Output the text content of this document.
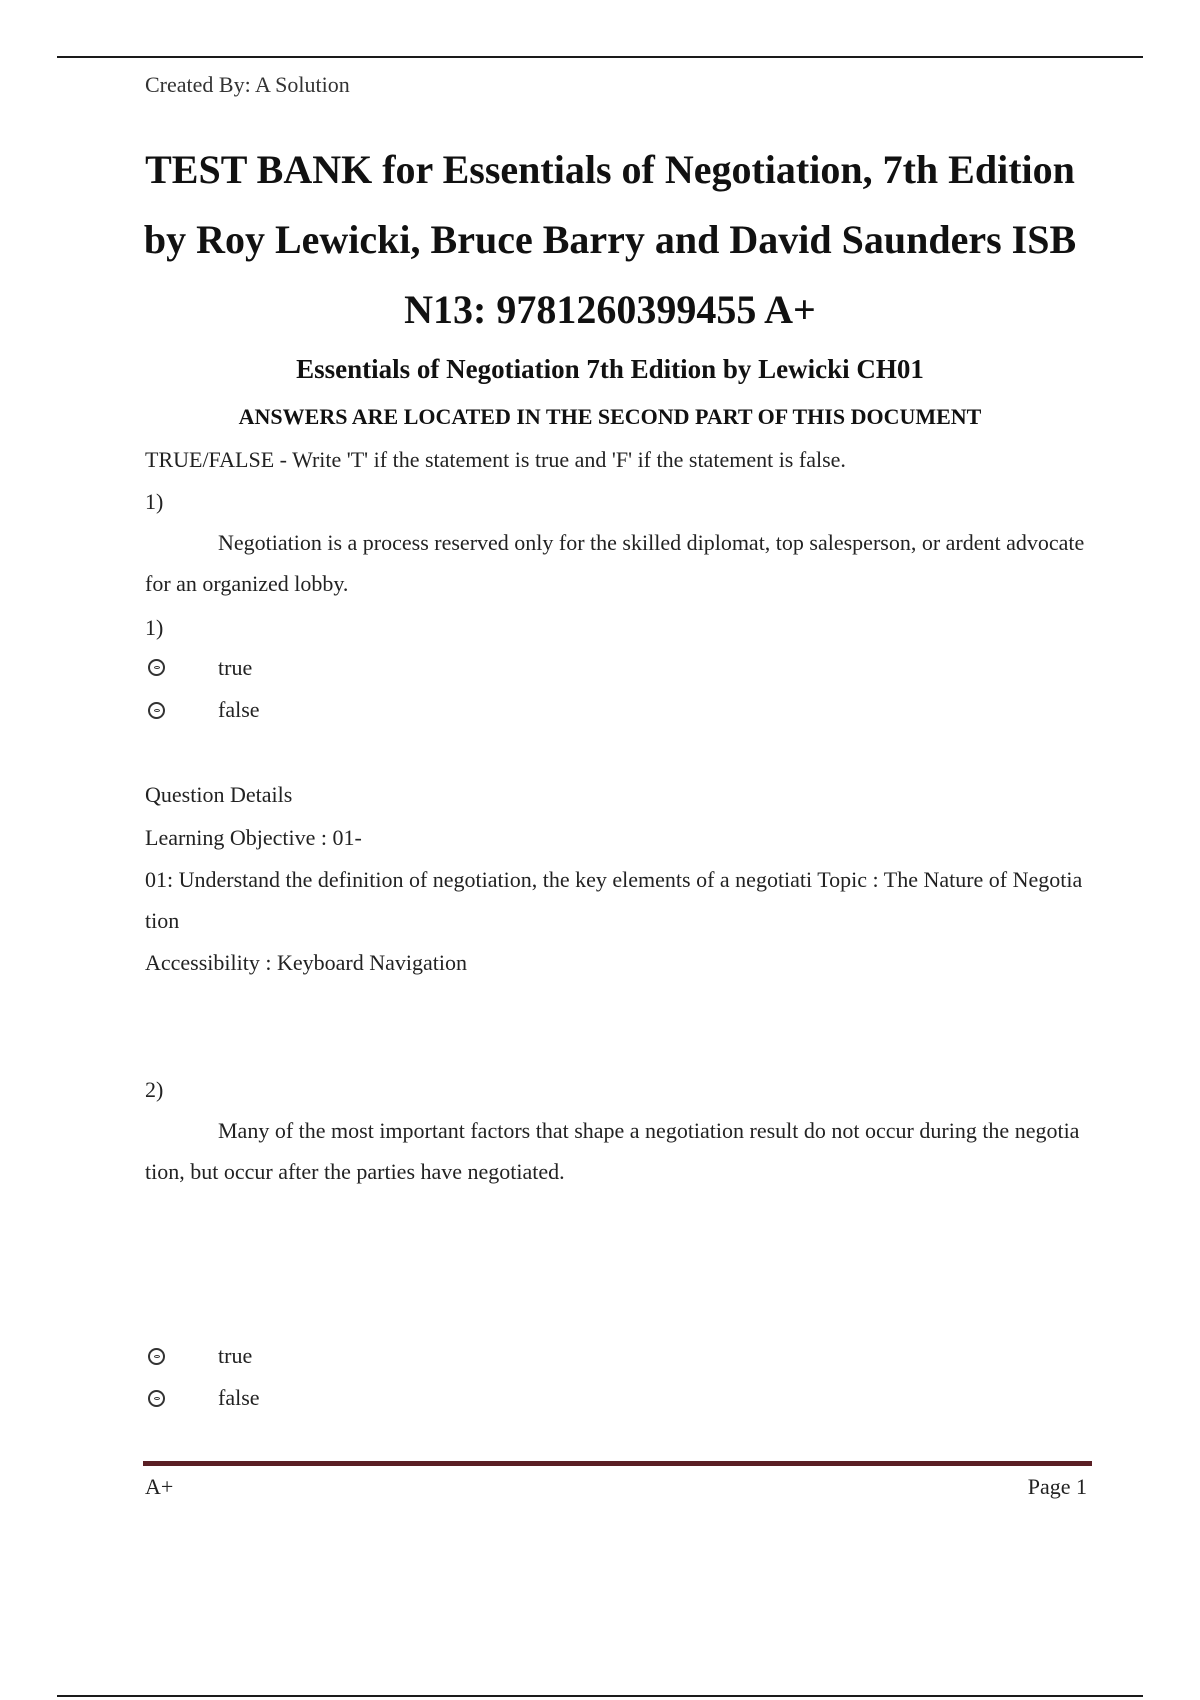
Created By: A Solution
TEST BANK for Essentials of Negotiation, 7th Edition
by Roy Lewicki, Bruce Barry and David Saunders ISB
N13: 9781260399455 A+
Essentials of Negotiation 7th Edition by Lewicki CH01
ANSWERS ARE LOCATED IN THE SECOND PART OF THIS DOCUMENT
TRUE/FALSE - Write 'T' if the statement is true and 'F' if the statement is false.
1)
Negotiation is a process reserved only for the skilled diplomat, top salesperson, or ardent advocate for an organized lobby.
1)
true
false
Question Details
Learning Objective : 01-
01: Understand the definition of negotiation, the key elements of a negotiati Topic : The Nature of Negotiation
Accessibility : Keyboard Navigation
2)
Many of the most important factors that shape a negotiation result do not occur during the negotiation, but occur after the parties have negotiated.
true
false
A+	Page 1
